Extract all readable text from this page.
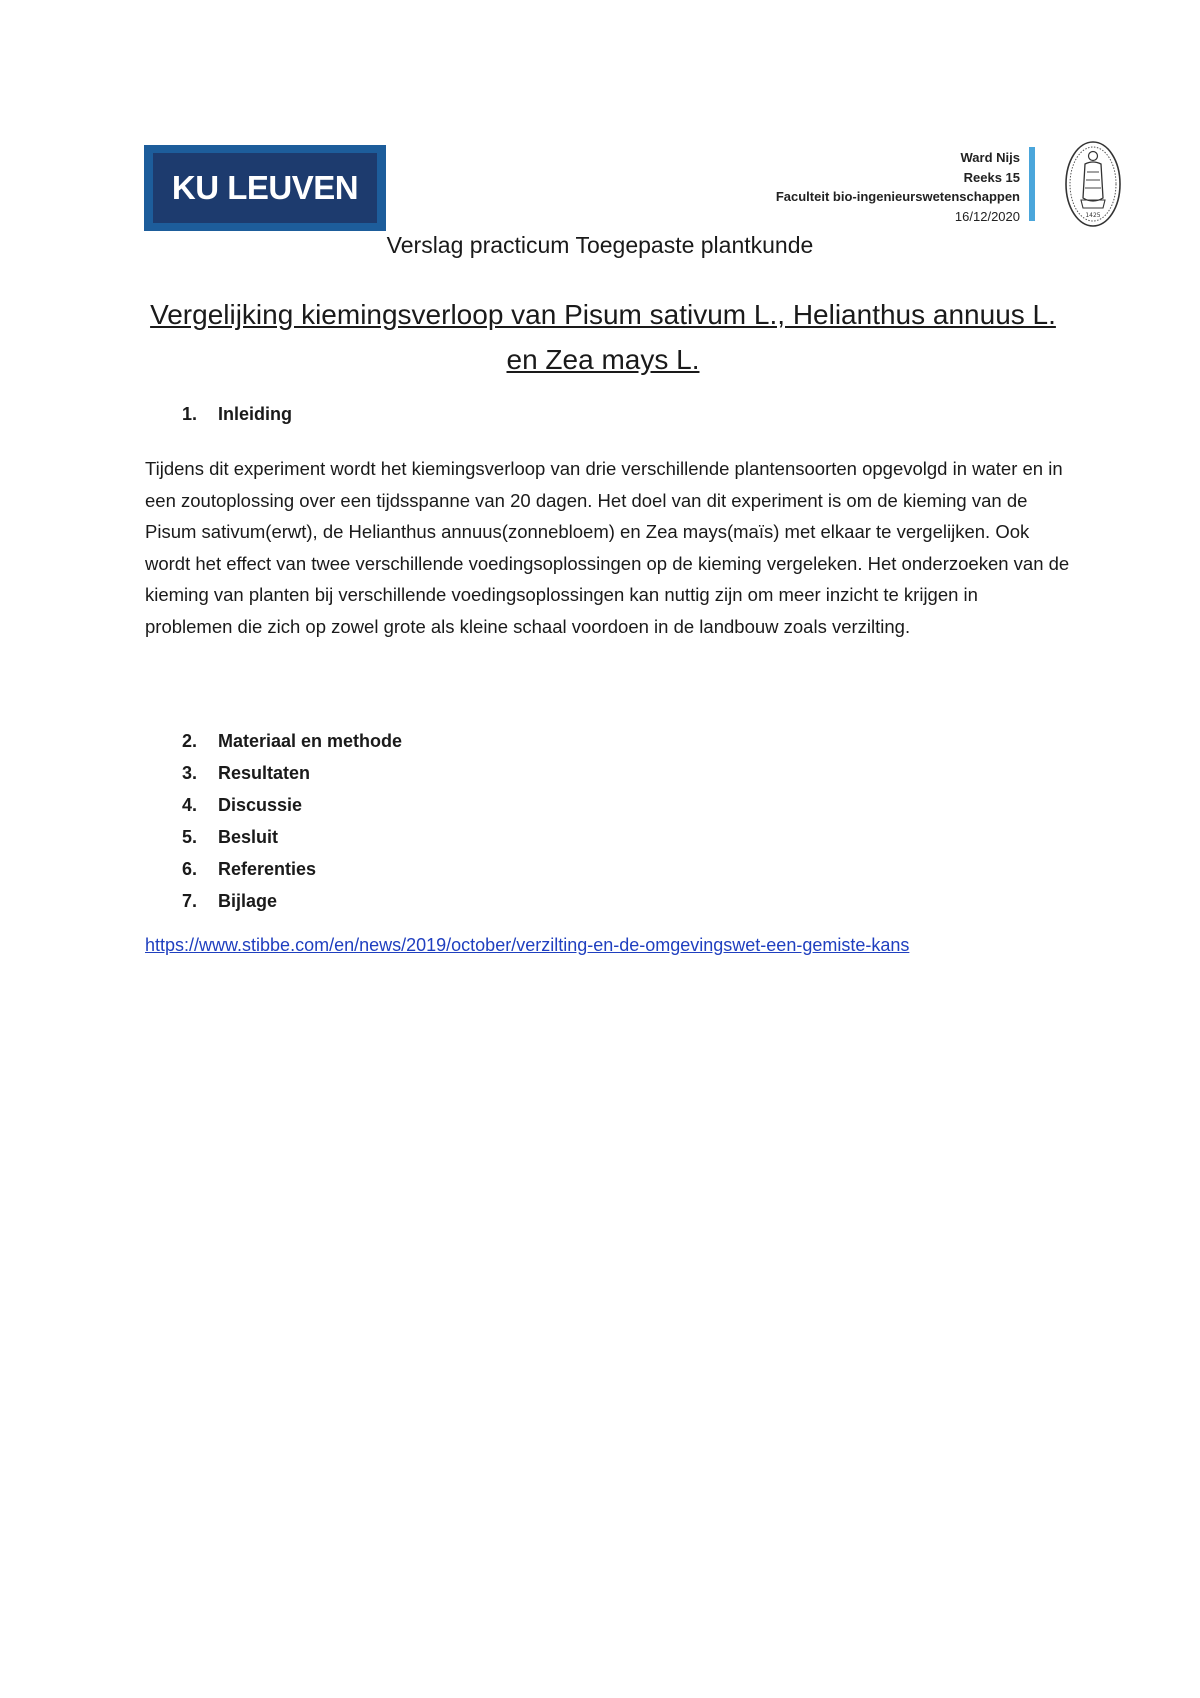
KU LEUVEN
Ward Nijs
Reeks 15
Faculteit bio-ingenieurswetenschappen
16/12/2020	1425
Verslag practicum Toegepaste plantkunde
Vergelijking kiemingsverloop van Pisum sativum L., Helianthus annuus L. en Zea mays L.
1. Inleiding
Tijdens dit experiment wordt het kiemingsverloop van drie verschillende plantensoorten opgevolgd in water en in een zoutoplossing over een tijdsspanne van 20 dagen. Het doel van dit experiment is om de kieming van de Pisum sativum(erwt), de Helianthus annuus(zonnebloem) en Zea mays(maïs) met elkaar te vergelijken. Ook wordt het effect van twee verschillende voedingsoplossingen op de kieming vergeleken. Het onderzoeken van de kieming van planten bij verschillende voedingsoplossingen kan nuttig zijn om meer inzicht te krijgen in problemen die zich op zowel grote als kleine schaal voordoen in de landbouw zoals verzilting.
2. Materiaal en methode
3. Resultaten
4. Discussie
5. Besluit
6. Referenties
7. Bijlage
https://www.stibbe.com/en/news/2019/october/verzilting-en-de-omgevingswet-een-gemiste-kans
